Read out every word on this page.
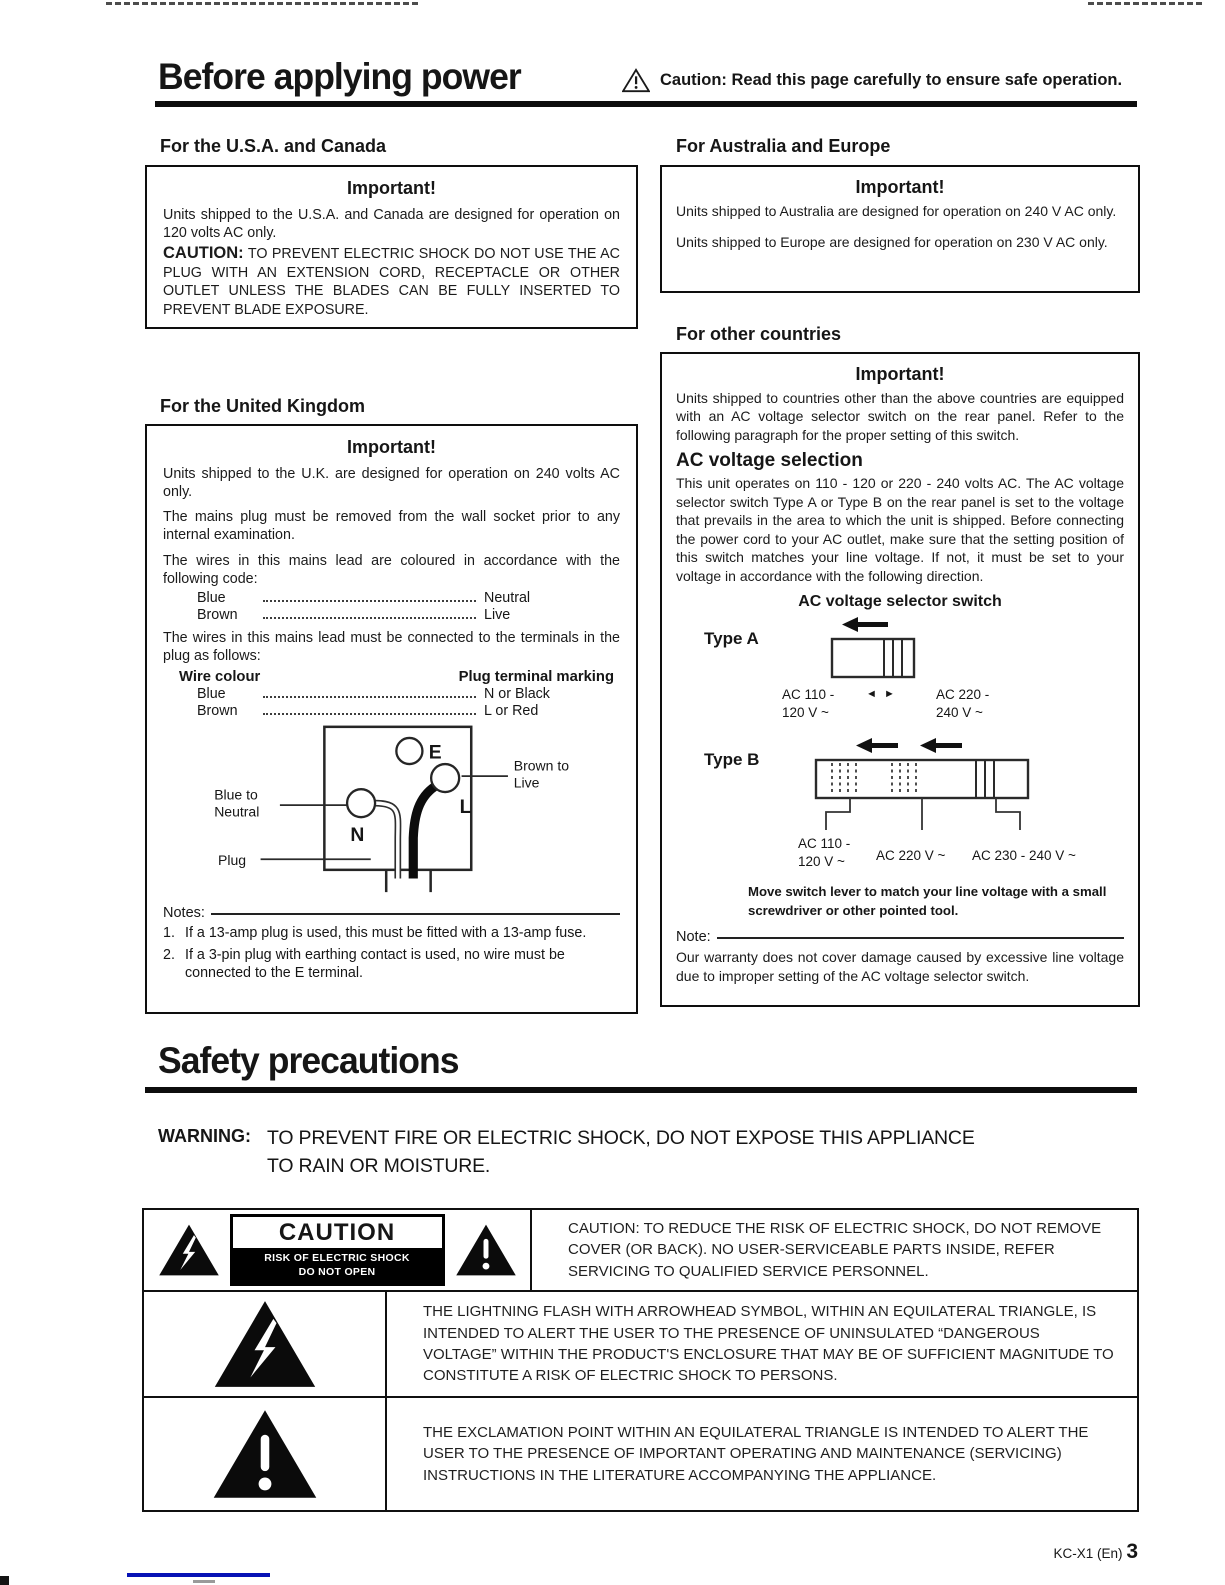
Before applying power	Caution: Read this page carefully to ensure safe operation.
For the U.S.A. and Canada
Important!
Units shipped to the U.S.A. and Canada are designed for operation on 120 volts AC only.
CAUTION: TO PREVENT ELECTRIC SHOCK DO NOT USE THE AC PLUG WITH AN EXTENSION CORD, RECEPTACLE OR OTHER OUTLET UNLESS THE BLADES CAN BE FULLY INSERTED TO PREVENT BLADE EXPOSURE.
For the United Kingdom
Important!
Units shipped to the U.K. are designed for operation on 240 volts AC only.
The mains plug must be removed from the wall socket prior to any internal examination.
The wires in this mains lead are coloured in accordance with the following code:
Blue	Neutral
Brown	Live
The wires in this mains lead must be connected to the terminals in the plug as follows:
Wire colour	Plug terminal marking
Blue	N or Black
Brown	L or Red
E
N
L
Blue to
Neutral
Brown to
Live
Plug
Notes:
1. If a 13-amp plug is used, this must be fitted with a 13-amp fuse.
2. If a 3-pin plug with earthing contact is used, no wire must be connected to the E terminal.
For Australia and Europe
Important!
Units shipped to Australia are designed for operation on 240 V AC only.
Units shipped to Europe are designed for operation on 230 V AC only.
For other countries
Important!
Units shipped to countries other than the above countries are equipped with an AC voltage selector switch on the rear panel. Refer to the following paragraph for the proper setting of this switch.
AC voltage selection
This unit operates on 110 - 120 or 220 - 240 volts AC. The AC voltage selector switch Type A or Type B on the rear panel is set to the voltage that prevails in the area to which the unit is shipped. Before connecting the power cord to your AC outlet, make sure that the setting position of this switch matches your line voltage. If not, it must be set to your voltage in accordance with the following direction.
AC voltage selector switch
Type A
AC 110 -
120 V ~
◄ ►	AC 220 -
240 V ~
Type B
AC 110 -
120 V ~	AC 220 V ~ AC 230 - 240 V ~
Move switch lever to match your line voltage with a small screwdriver or other pointed tool.
Note:
Our warranty does not cover damage caused by excessive line voltage due to improper setting of the AC voltage selector switch.
Safety precautions
WARNING: TO PREVENT FIRE OR ELECTRIC SHOCK, DO NOT EXPOSE THIS APPLIANCE
TO RAIN OR MOISTURE.
CAUTION
RISK OF ELECTRIC SHOCK
DO NOT OPEN
CAUTION: TO REDUCE THE RISK OF ELECTRIC SHOCK, DO NOT REMOVE COVER (OR BACK). NO USER-SERVICEABLE PARTS INSIDE, REFER SERVICING TO QUALIFIED SERVICE PERSONNEL.
THE LIGHTNING FLASH WITH ARROWHEAD SYMBOL, WITHIN AN EQUILATERAL TRIANGLE, IS INTENDED TO ALERT THE USER TO THE PRESENCE OF UNINSULATED “DANGEROUS VOLTAGE” WITHIN THE PRODUCT'S ENCLOSURE THAT MAY BE OF SUFFICIENT MAGNITUDE TO CONSTITUTE A RISK OF ELECTRIC SHOCK TO PERSONS.
THE EXCLAMATION POINT WITHIN AN EQUILATERAL TRIANGLE IS INTENDED TO ALERT THE USER TO THE PRESENCE OF IMPORTANT OPERATING AND MAINTENANCE (SERVICING) INSTRUCTIONS IN THE LITERATURE ACCOMPANYING THE APPLIANCE.
KC-X1 (En) 3
